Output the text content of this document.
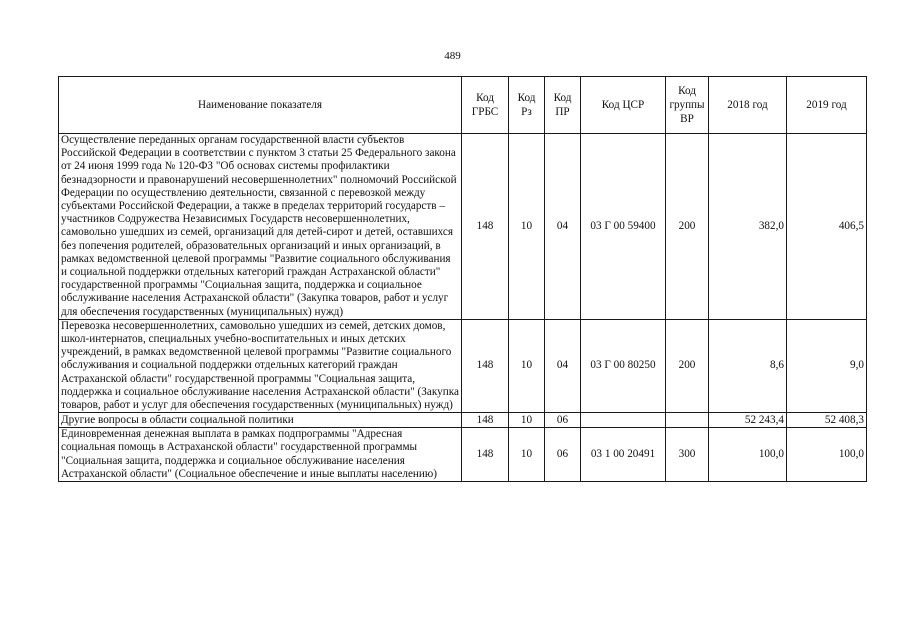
489
Наименование показателя	Код ГРБС	Код Рз	Код ПР	Код ЦСР	Код группы ВР	2018 год	2019 год
Осуществление переданных органам государственной власти субъектов Российской Федерации в соответствии с пунктом 3 статьи 25 Федерального закона от 24 июня 1999 года № 120-ФЗ "Об основах системы профилактики безнадзорности и правонарушений несовершеннолетних" полномочий Российской Федерации по осуществлению деятельности, связанной с перевозкой между субъектами Российской Федерации, а также в пределах территорий государств – участников Содружества Независимых Государств несовершеннолетних, самовольно ушедших из семей, организаций для детей-сирот и детей, оставшихся без попечения родителей, образовательных организаций и иных организаций, в рамках ведомственной целевой программы "Развитие социального обслуживания и социальной поддержки отдельных категорий граждан Астраханской области" государственной программы "Социальная защита, поддержка и социальное обслуживание населения Астраханской области" (Закупка товаров, работ и услуг для обеспечения государственных (муниципальных) нужд)	148	10	04	03 Г 00 59400	200	382,0	406,5
Перевозка несовершеннолетних, самовольно ушедших из семей, детских домов, школ-интернатов, специальных учебно-воспитательных и иных детских учреждений, в рамках ведомственной целевой программы "Развитие социального обслуживания и социальной поддержки отдельных категорий граждан Астраханской области" государственной программы "Социальная защита, поддержка и социальное обслуживание населения Астраханской области" (Закупка товаров, работ и услуг для обеспечения государственных (муниципальных) нужд)	148	10	04	03 Г 00 80250	200	8,6	9,0
Другие вопросы в области социальной политики	148	10	06			52 243,4	52 408,3
Единовременная денежная выплата в рамках подпрограммы "Адресная социальная помощь в Астраханской области" государственной программы "Социальная защита, поддержка и социальное обслуживание населения Астраханской области" (Социальное обеспечение и иные выплаты населению)	148	10	06	03 1 00 20491	300	100,0	100,0
